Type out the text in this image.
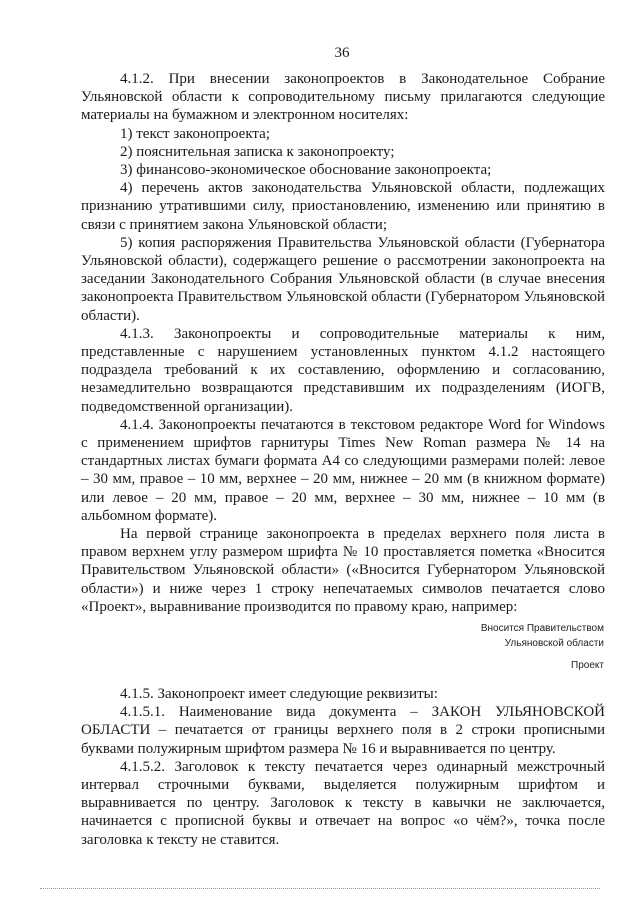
36

4.1.2. При внесении законопроектов в Законодательное Собрание Ульяновской области к сопроводительному письму прилагаются следующие материалы на бумажном и электронном носителях:

1) текст законопроекта;

2) пояснительная записка к законопроекту;

3) финансово-экономическое обоснование законопроекта;

4) перечень актов законодательства Ульяновской области, подлежащих признанию утратившими силу, приостановлению, изменению или принятию в связи с принятием закона Ульяновской области;

5) копия распоряжения Правительства Ульяновской области (Губернатора Ульяновской области), содержащего решение о рассмотрении законопроекта на заседании Законодательного Собрания Ульяновской области (в случае внесения законопроекта Правительством Ульяновской области (Губернатором Ульяновской области).

4.1.3. Законопроекты и сопроводительные материалы к ним, представленные с нарушением установленных пунктом 4.1.2 настоящего подраздела требований к их составлению, оформлению и согласованию, незамедлительно возвращаются представившим их подразделениям (ИОГВ, подведомственной организации).

4.1.4. Законопроекты печатаются в текстовом редакторе Word for Windows с применением шрифтов гарнитуры Times New Roman размера № 14 на стандартных листах бумаги формата А4 со следующими размерами полей: левое – 30 мм, правое – 10 мм, верхнее – 20 мм, нижнее – 20 мм (в книжном формате) или левое – 20 мм, правое – 20 мм, верхнее – 30 мм, нижнее – 10 мм (в альбомном формате).

На первой странице законопроекта в пределах верхнего поля листа в правом верхнем углу размером шрифта № 10 проставляется пометка «Вносится Правительством Ульяновской области» («Вносится Губернатором Ульяновской области») и ниже через 1 строку непечатаемых символов печатается слово «Проект», выравнивание производится по правому краю, например:

Вносится Правительством
Ульяновской области
Проект

4.1.5. Законопроект имеет следующие реквизиты:

4.1.5.1. Наименование вида документа – ЗАКОН УЛЬЯНОВСКОЙ ОБЛАСТИ – печатается от границы верхнего поля в 2 строки прописными буквами полужирным шрифтом размера № 16 и выравнивается по центру.

4.1.5.2. Заголовок к тексту печатается через одинарный межстрочный интервал строчными буквами, выделяется полужирным шрифтом и выравнивается по центру. Заголовок к тексту в кавычки не заключается, начинается с прописной буквы и отвечает на вопрос «о чём?», точка после заголовка к тексту не ставится.
